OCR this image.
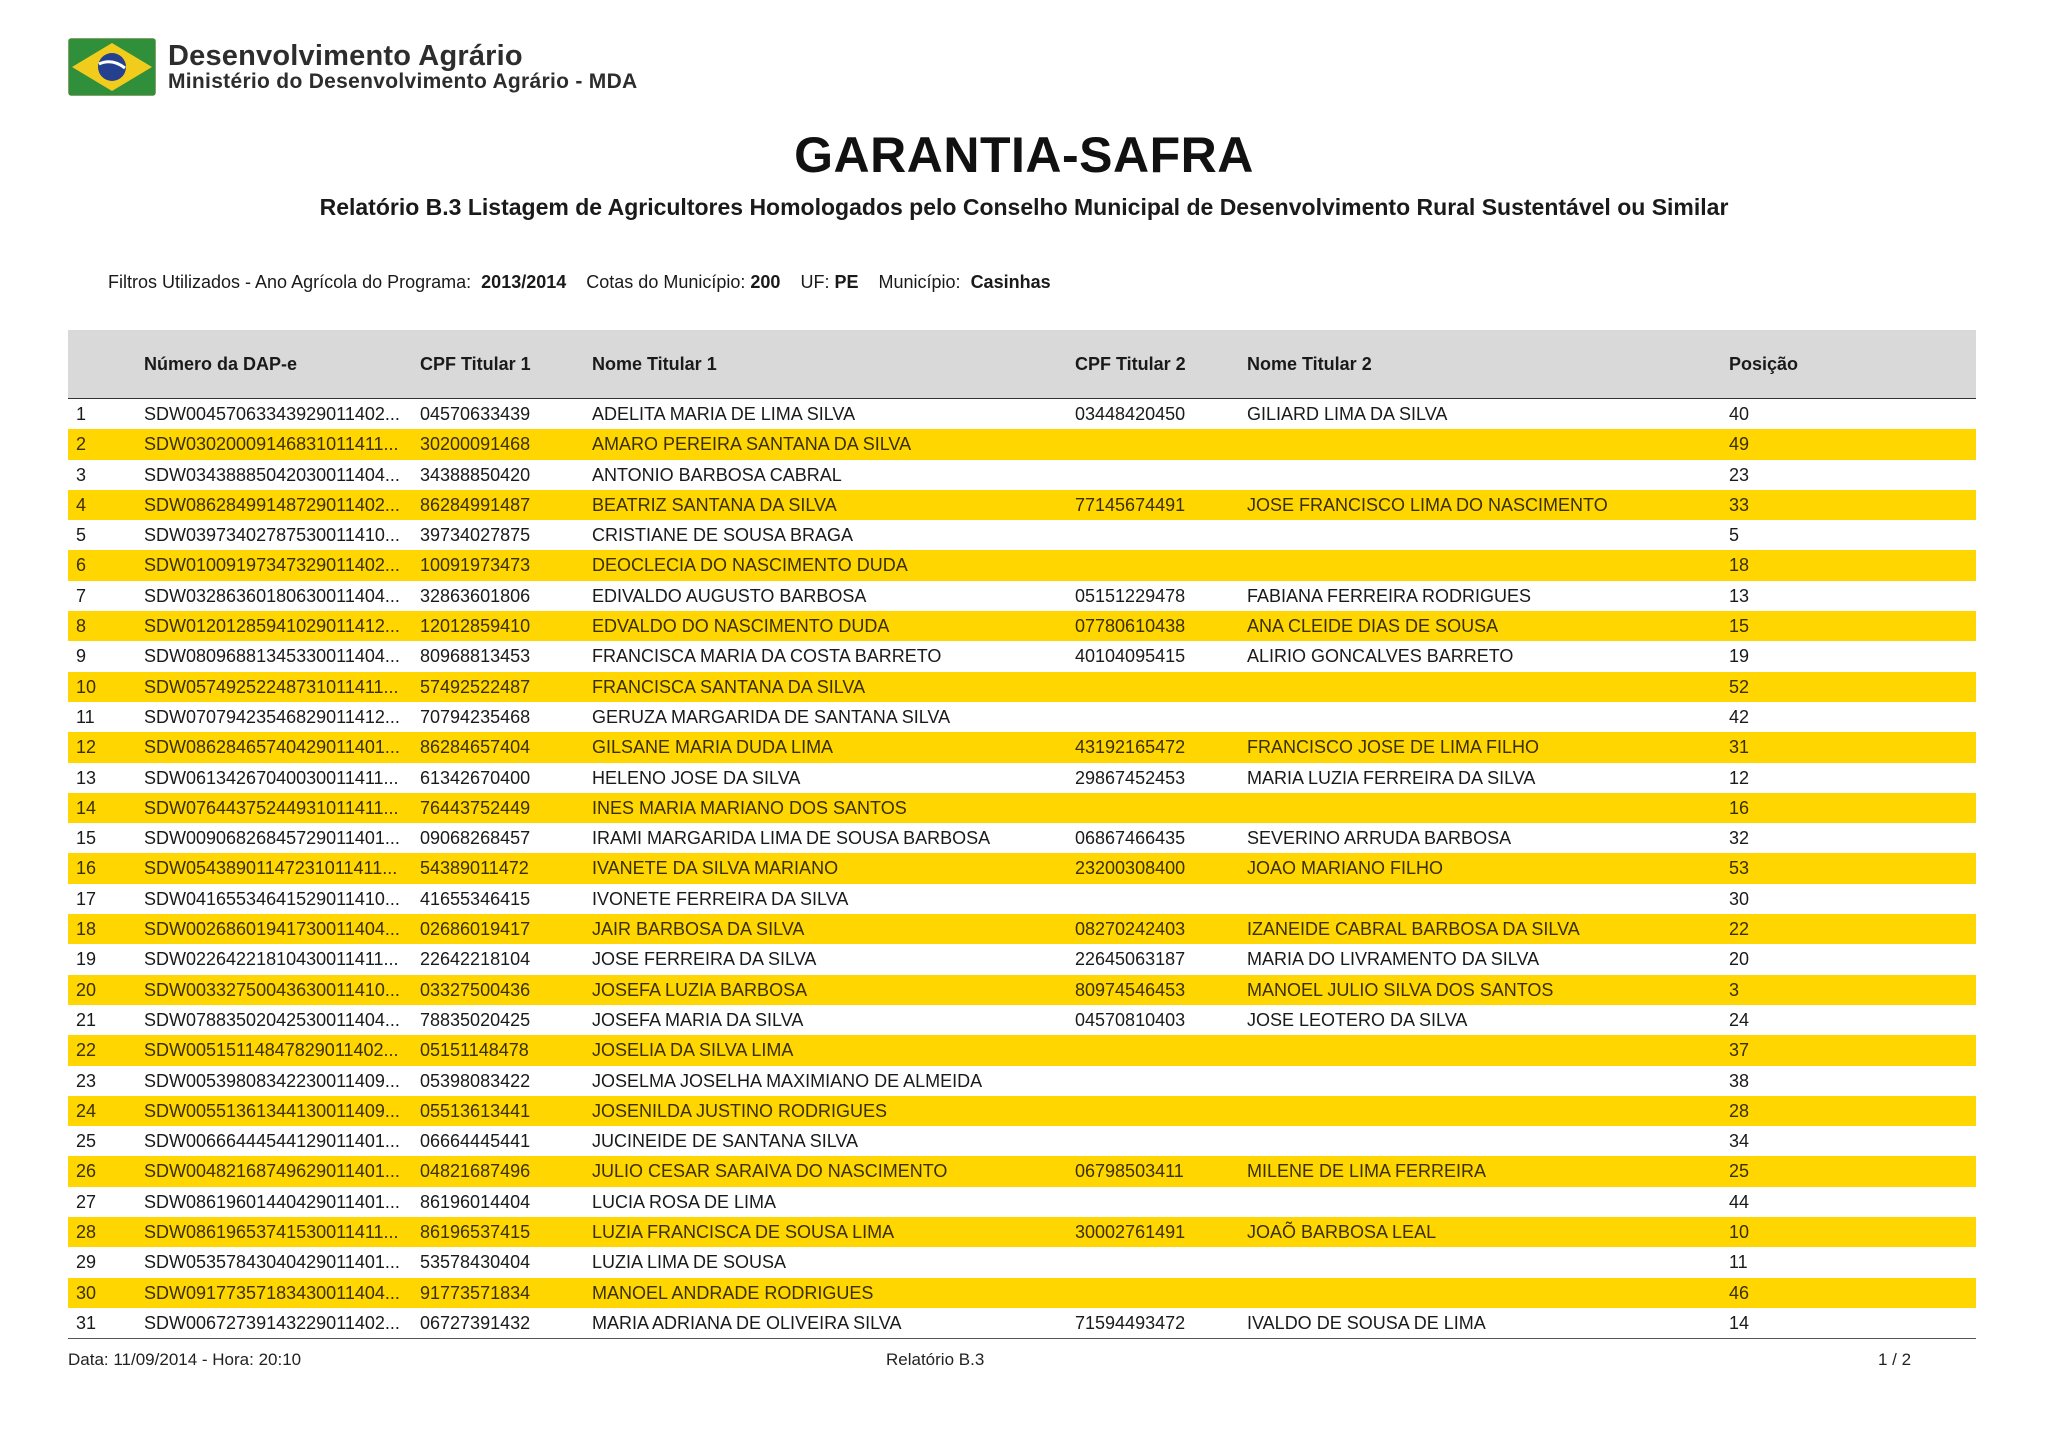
Desenvolvimento Agrário
Ministério do Desenvolvimento Agrário - MDA
GARANTIA-SAFRA
Relatório B.3 Listagem de Agricultores Homologados pelo Conselho Municipal de Desenvolvimento Rural Sustentável ou Similar
Filtros Utilizados - Ano Agrícola do Programa: 2013/2014 Cotas do Município: 200 UF: PE Município: Casinhas
Número da DAP-e	CPF Titular 1	Nome Titular 1	CPF Titular 2	Nome Titular 2	Posição
1	SDW00457063343929011402... 04570633439	ADELITA MARIA DE LIMA SILVA	03448420450	GILIARD LIMA DA SILVA	40
2	SDW03020009146831011411... 30200091468	AMARO PEREIRA SANTANA DA SILVA	49
3	SDW03438885042030011404... 34388850420	ANTONIO BARBOSA CABRAL	23
4	SDW08628499148729011402... 86284991487	BEATRIZ SANTANA DA SILVA	77145674491	JOSE FRANCISCO LIMA DO NASCIMENTO	33
5	SDW03973402787530011410... 39734027875	CRISTIANE DE SOUSA BRAGA	5
6	SDW01009197347329011402... 10091973473	DEOCLECIA DO NASCIMENTO DUDA	18
7	SDW03286360180630011404... 32863601806	EDIVALDO AUGUSTO BARBOSA	05151229478	FABIANA FERREIRA RODRIGUES	13
8	SDW01201285941029011412... 12012859410	EDVALDO DO NASCIMENTO DUDA	07780610438	ANA CLEIDE DIAS DE SOUSA	15
9	SDW08096881345330011404... 80968813453	FRANCISCA MARIA DA COSTA BARRETO	40104095415	ALIRIO GONCALVES BARRETO	19
10	SDW05749252248731011411... 57492522487	FRANCISCA SANTANA DA SILVA	52
11	SDW07079423546829011412... 70794235468	GERUZA MARGARIDA DE SANTANA SILVA	42
12	SDW08628465740429011401... 86284657404	GILSANE MARIA DUDA LIMA	43192165472	FRANCISCO JOSE DE LIMA FILHO	31
13	SDW06134267040030011411... 61342670400	HELENO JOSE DA SILVA	29867452453	MARIA LUZIA FERREIRA DA SILVA	12
14	SDW07644375244931011411... 76443752449	INES MARIA MARIANO DOS SANTOS	16
15	SDW00906826845729011401... 09068268457	IRAMI MARGARIDA LIMA DE SOUSA BARBOSA	06867466435	SEVERINO ARRUDA BARBOSA	32
16	SDW05438901147231011411... 54389011472	IVANETE DA SILVA MARIANO	23200308400	JOAO MARIANO FILHO	53
17	SDW04165534641529011410... 41655346415	IVONETE FERREIRA DA SILVA	30
18	SDW00268601941730011404... 02686019417	JAIR BARBOSA DA SILVA	08270242403	IZANEIDE CABRAL BARBOSA DA SILVA	22
19	SDW02264221810430011411... 22642218104	JOSE FERREIRA DA SILVA	22645063187	MARIA DO LIVRAMENTO DA SILVA	20
20	SDW00332750043630011410... 03327500436	JOSEFA LUZIA BARBOSA	80974546453	MANOEL JULIO SILVA DOS SANTOS	3
21	SDW07883502042530011404... 78835020425	JOSEFA MARIA DA SILVA	04570810403	JOSE LEOTERO DA SILVA	24
22	SDW00515114847829011402... 05151148478	JOSELIA DA SILVA LIMA	37
23	SDW00539808342230011409... 05398083422	JOSELMA JOSELHA MAXIMIANO DE ALMEIDA	38
24	SDW00551361344130011409... 05513613441	JOSENILDA JUSTINO RODRIGUES	28
25	SDW00666444544129011401... 06664445441	JUCINEIDE DE SANTANA SILVA	34
26	SDW00482168749629011401... 04821687496	JULIO CESAR SARAIVA DO NASCIMENTO	06798503411	MILENE DE LIMA FERREIRA	25
27	SDW08619601440429011401... 86196014404	LUCIA ROSA DE LIMA	44
28	SDW08619653741530011411... 86196537415	LUZIA FRANCISCA DE SOUSA LIMA	30002761491	JOAÕ BARBOSA LEAL	10
29	SDW05357843040429011401... 53578430404	LUZIA LIMA DE SOUSA	11
30	SDW09177357183430011404... 91773571834	MANOEL ANDRADE RODRIGUES	46
31	SDW00672739143229011402... 06727391432	MARIA ADRIANA DE OLIVEIRA SILVA	71594493472	IVALDO DE SOUSA DE LIMA	14
Data: 11/09/2014 - Hora: 20:10	Relatório B.3	1 / 2
